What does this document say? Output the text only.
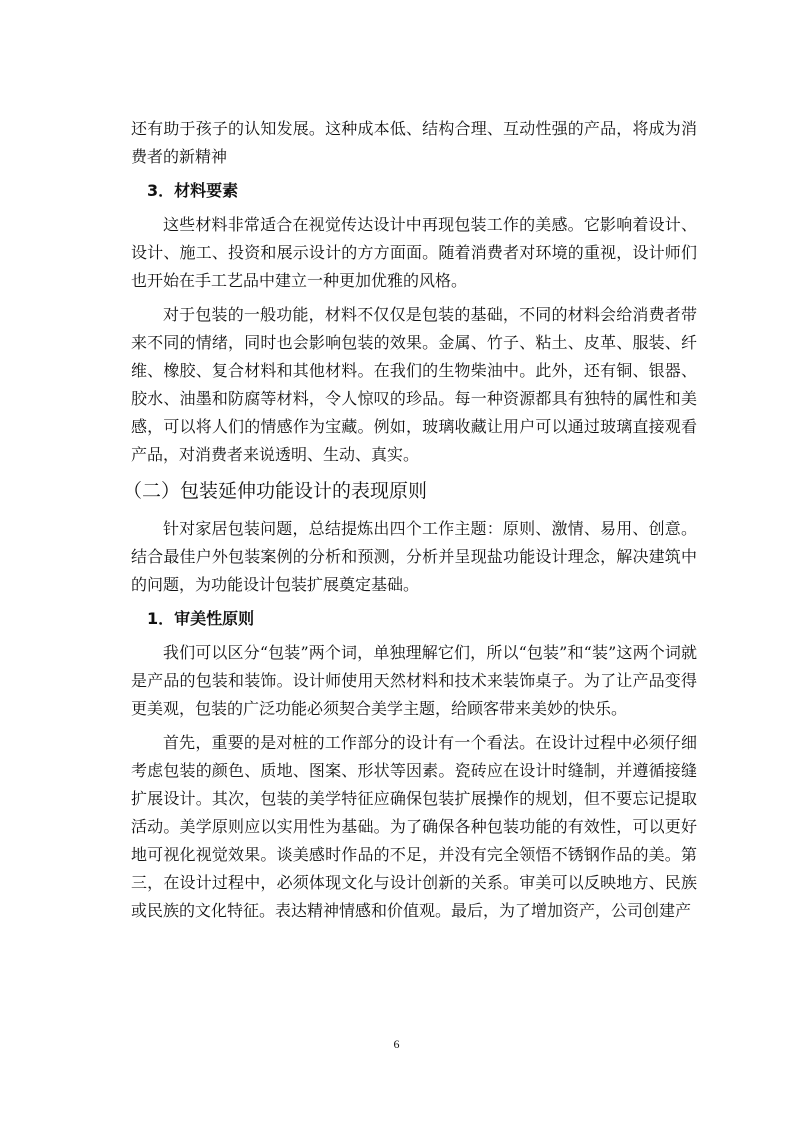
还有助于孩子的认知发展。这种成本低、结构合理、互动性强的产品，将成为消费者的新精神

3．材料要素

这些材料非常适合在视觉传达设计中再现包装工作的美感。它影响着设计、设计、施工、投资和展示设计的方方面面。随着消费者对环境的重视，设计师们也开始在手工艺品中建立一种更加优雅的风格。

对于包装的一般功能，材料不仅仅是包装的基础，不同的材料会给消费者带来不同的情绪，同时也会影响包装的效果。金属、竹子、粘土、皮革、服装、纤维、橡胶、复合材料和其他材料。在我们的生物柴油中。此外，还有铜、银器、胶水、油墨和防腐等材料，令人惊叹的珍品。每一种资源都具有独特的属性和美感，可以将人们的情感作为宝藏。例如，玻璃收藏让用户可以通过玻璃直接观看产品，对消费者来说透明、生动、真实。

（二）包装延伸功能设计的表现原则

针对家居包装问题，总结提炼出四个工作主题：原则、激情、易用、创意。结合最佳户外包装案例的分析和预测，分析并呈现盐功能设计理念，解决建筑中的问题，为功能设计包装扩展奠定基础。

1．审美性原则

我们可以区分“包装”两个词，单独理解它们，所以“包装”和“装”这两个词就是产品的包装和装饰。设计师使用天然材料和技术来装饰桌子。为了让产品变得更美观，包装的广泛功能必须契合美学主题，给顾客带来美妙的快乐。

首先，重要的是对桩的工作部分的设计有一个看法。在设计过程中必须仔细考虑包装的颜色、质地、图案、形状等因素。瓷砖应在设计时缝制，并遵循接缝扩展设计。其次，包装的美学特征应确保包装扩展操作的规划，但不要忘记提取活动。美学原则应以实用性为基础。为了确保各种包装功能的有效性，可以更好地可视化视觉效果。谈美感时作品的不足，并没有完全领悟不锈钢作品的美。第三，在设计过程中，必须体现文化与设计创新的关系。审美可以反映地方、民族或民族的文化特征。表达精神情感和价值观。最后，为了增加资产，公司创建产

6
